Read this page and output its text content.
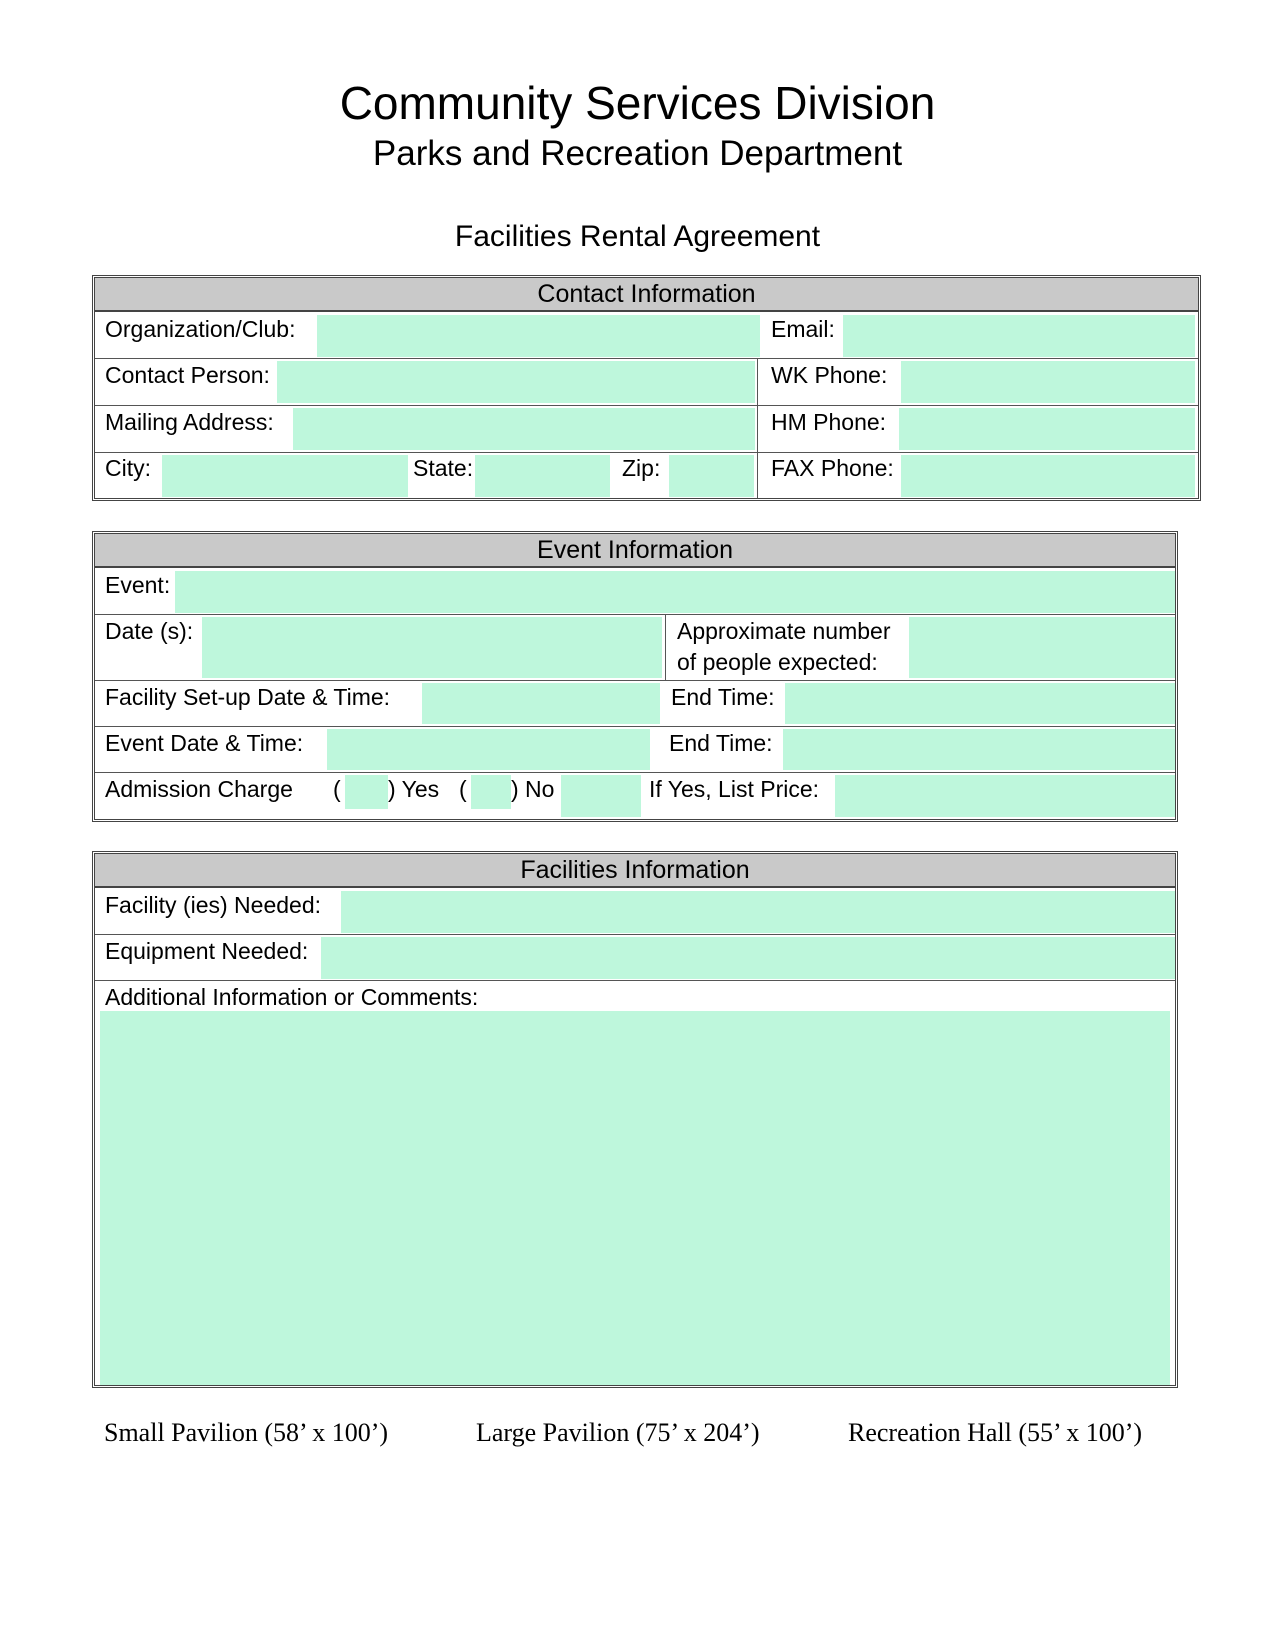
Community Services Division
Parks and Recreation Department
Facilities Rental Agreement
Contact Information
Organization/Club:	Email:
Contact Person:	WK Phone:
Mailing Address:	HM Phone:
City:	State:	Zip:	FAX Phone:
Event Information
Event:
Date (s):	Approximate number
of people expected:
Facility Set-up Date & Time:	End Time:
Event Date & Time:	End Time:
Admission Charge ( ) Yes ( ) No	If Yes, List Price:
Facilities Information
Facility (ies) Needed:
Equipment Needed:
Additional Information or Comments:
Small Pavilion (58’ x 100’)	Large Pavilion (75’ x 204’)	Recreation Hall (55’ x 100’)
